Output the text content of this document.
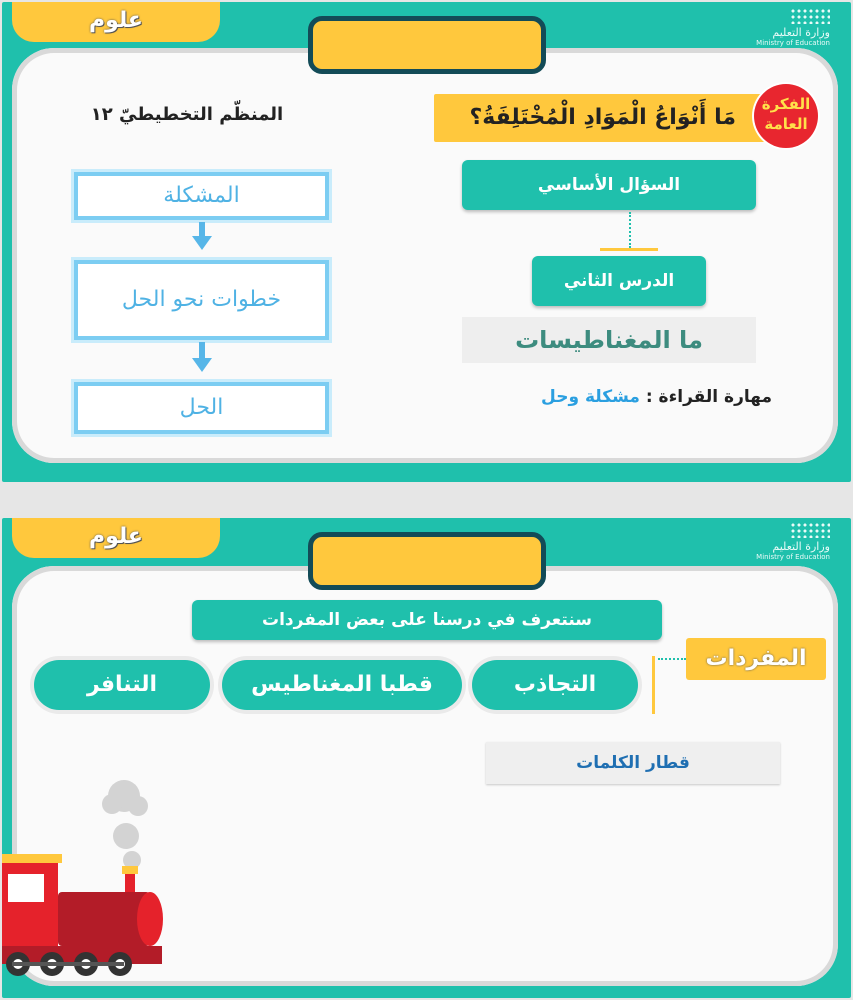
علوم	وزارة التعليم
Ministry of Education
مَا أَنْوَاعُ الْمَوَادِ الْمُخْتَلِفَةُ؟
الفكرة العامة
السؤال الأساسي
الدرس الثاني
ما المغناطيسات
مهارة القراءة : مشكلة وحل
المنظّم التخطيطيّ ١٢
المشكلة
خطوات نحو الحل
الحل
علوم	وزارة التعليم
Ministry of Education
سنتعرف في درسنا على بعض المفردات
المفردات
التجاذب
قطبا المغناطيس
التنافر
قطار الكلمات
